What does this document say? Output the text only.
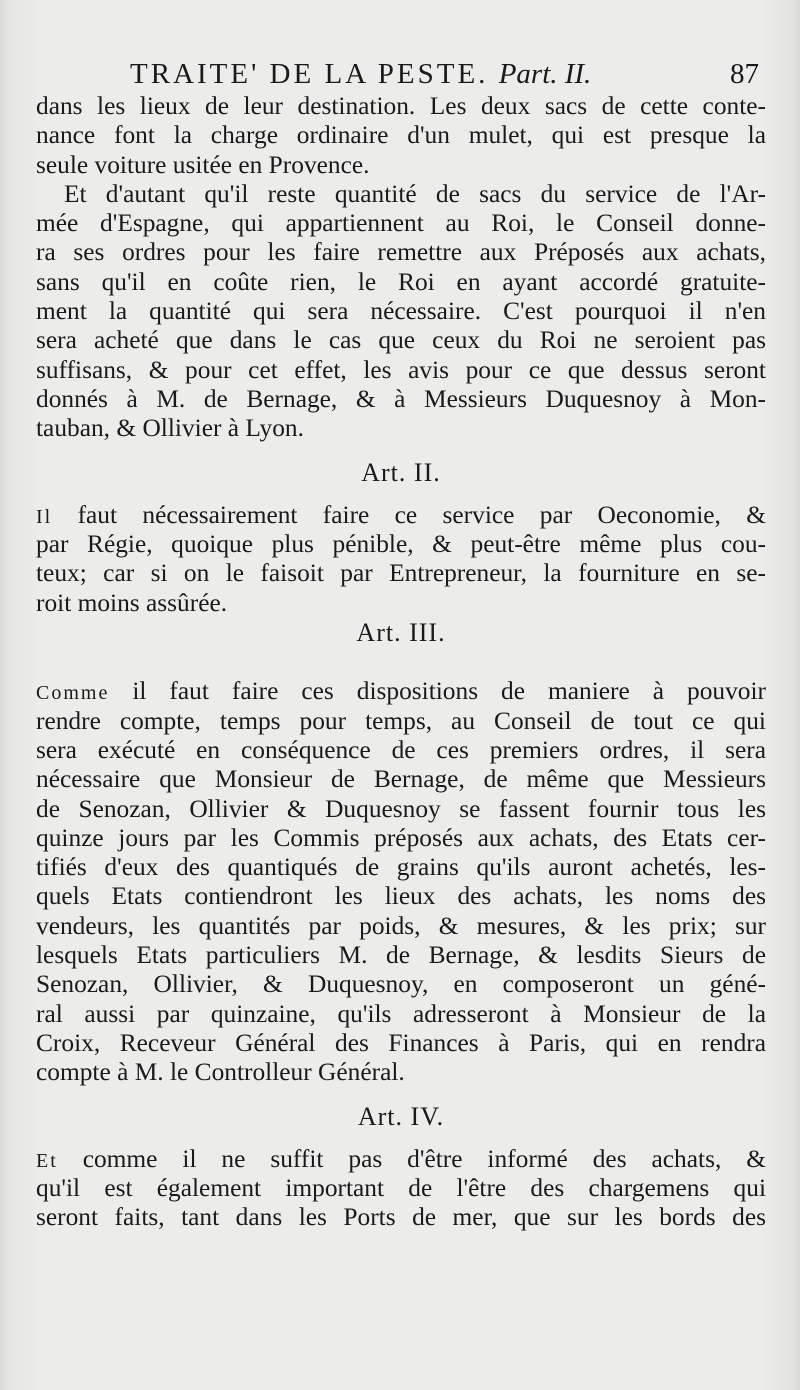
TRAITE' DE LA PESTE. Part. II.	87
dans les lieux de leur destination. Les deux sacs de cette conte-
nance font la charge ordinaire d'un mulet, qui est presque la
seule voiture usitée en Provence.
Et d'autant qu'il reste quantité de sacs du service de l'Ar-
mée d'Espagne, qui appartiennent au Roi, le Conseil donne-
ra ses ordres pour les faire remettre aux Préposés aux achats,
sans qu'il en coûte rien, le Roi en ayant accordé gratuite-
ment la quantité qui sera nécessaire. C'est pourquoi il n'en
sera acheté que dans le cas que ceux du Roi ne seroient pas
suffisans, & pour cet effet, les avis pour ce que dessus seront
donnés à M. de Bernage, & à Messieurs Duquesnoy à Mon-
tauban, & Ollivier à Lyon.
Art. II.
Il faut nécessairement faire ce service par Oeconomie, &
par Régie, quoique plus pénible, & peut-être même plus cou-
teux; car si on le faisoit par Entrepreneur, la fourniture en se-
roit moins assûrée.
Art. III.
Comme il faut faire ces dispositions de maniere à pouvoir
rendre compte, temps pour temps, au Conseil de tout ce qui
sera exécuté en conséquence de ces premiers ordres, il sera
nécessaire que Monsieur de Bernage, de même que Messieurs
de Senozan, Ollivier & Duquesnoy se fassent fournir tous les
quinze jours par les Commis préposés aux achats, des Etats cer-
tifiés d'eux des quantiqués de grains qu'ils auront achetés, les-
quels Etats contiendront les lieux des achats, les noms des
vendeurs, les quantités par poids, & mesures, & les prix; sur
lesquels Etats particuliers M. de Bernage, & lesdits Sieurs de
Senozan, Ollivier, & Duquesnoy, en composeront un géné-
ral aussi par quinzaine, qu'ils adresseront à Monsieur de la
Croix, Receveur Général des Finances à Paris, qui en rendra
compte à M. le Controlleur Général.
Art. IV.
Et comme il ne suffit pas d'être informé des achats, &
qu'il est également important de l'être des chargemens qui
seront faits, tant dans les Ports de mer, que sur les bords des
